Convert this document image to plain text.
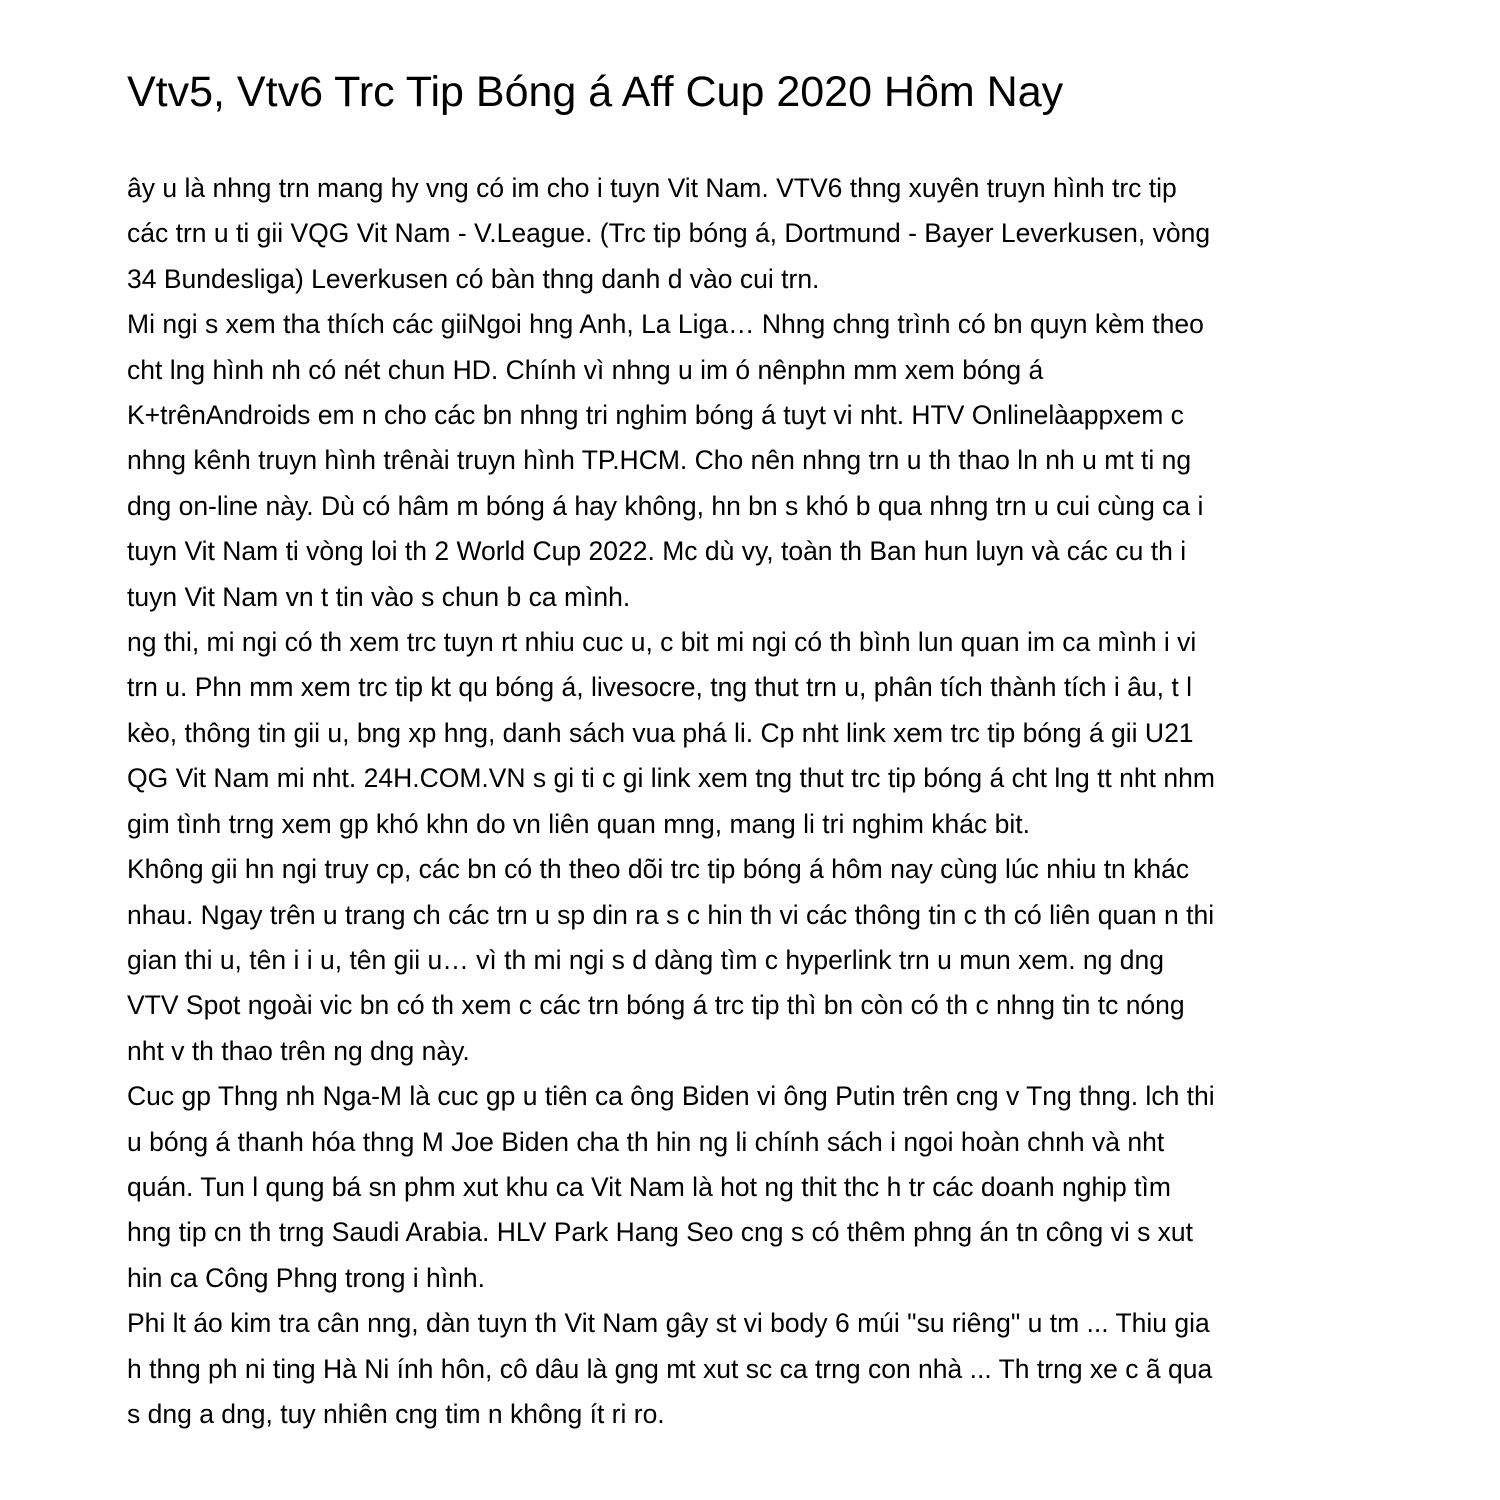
Vtv5, Vtv6 Trc Tip Bóng á Aff Cup 2020 Hôm Nay
ây u là nhng trn mang hy vng có im cho i tuyn Vit Nam. VTV6 thng xuyên truyn hình trc tip
các trn u ti gii VQG Vit Nam - V.League. (Trc tip bóng á, Dortmund - Bayer Leverkusen, vòng
34 Bundesliga) Leverkusen có bàn thng danh d vào cui trn.
Mi ngi s xem tha thích các giiNgoi hng Anh, La Liga… Nhng chng trình có bn quyn kèm theo
cht lng hình nh có nét chun HD. Chính vì nhng u im ó nênphn mm xem bóng á
K+trênAndroids em n cho các bn nhng tri nghim bóng á tuyt vi nht. HTV Onlinelàappxem c
nhng kênh truyn hình trênài truyn hình TP.HCM. Cho nên nhng trn u th thao ln nh u mt ti ng
dng on-line này. Dù có hâm m bóng á hay không, hn bn s khó b qua nhng trn u cui cùng ca i
tuyn Vit Nam ti vòng loi th 2 World Cup 2022. Mc dù vy, toàn th Ban hun luyn và các cu th i
tuyn Vit Nam vn t tin vào s chun b ca mình.
ng thi, mi ngi có th xem trc tuyn rt nhiu cuc u, c bit mi ngi có th bình lun quan im ca mình i vi
trn u. Phn mm xem trc tip kt qu bóng á, livesocre, tng thut trn u, phân tích thành tích i âu, t l
kèo, thông tin gii u, bng xp hng, danh sách vua phá li. Cp nht link xem trc tip bóng á gii U21
QG Vit Nam mi nht. 24H.COM.VN s gi ti c gi link xem tng thut trc tip bóng á cht lng tt nht nhm
gim tình trng xem gp khó khn do vn liên quan mng, mang li tri nghim khác bit.
Không gii hn ngi truy cp, các bn có th theo dõi trc tip bóng á hôm nay cùng lúc nhiu tn khác
nhau. Ngay trên u trang ch các trn u sp din ra s c hin th vi các thông tin c th có liên quan n thi
gian thi u, tên i i u, tên gii u… vì th mi ngi s d dàng tìm c hyperlink trn u mun xem. ng dng
VTV Spot ngoài vic bn có th xem c các trn bóng á trc tip thì bn còn có th c nhng tin tc nóng
nht v th thao trên ng dng này.
Cuc gp Thng nh Nga-M là cuc gp u tiên ca ông Biden vi ông Putin trên cng v Tng thng. lch thi
u bóng á thanh hóa thng M Joe Biden cha th hin ng li chính sách i ngoi hoàn chnh và nht
quán. Tun l qung bá sn phm xut khu ca Vit Nam là hot ng thit thc h tr các doanh nghip tìm
hng tip cn th trng Saudi Arabia. HLV Park Hang Seo cng s có thêm phng án tn công vi s xut
hin ca Công Phng trong i hình.
Phi lt áo kim tra cân nng, dàn tuyn th Vit Nam gây st vi body 6 múi "su riêng" u tm ... Thiu gia
h thng ph ni ting Hà Ni ính hôn, cô dâu là gng mt xut sc ca trng con nhà ... Th trng xe c ã qua
s dng a dng, tuy nhiên cng tim n không ít ri ro.
